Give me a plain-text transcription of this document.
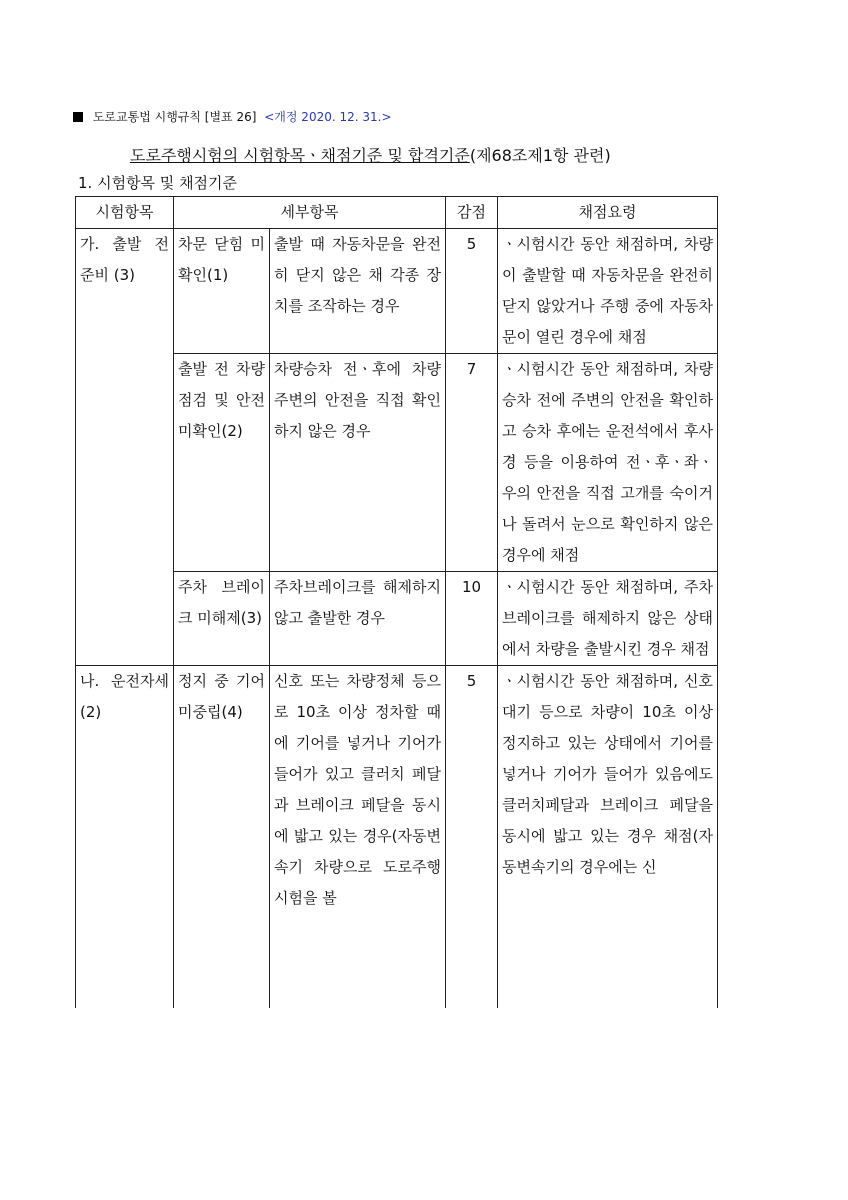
도로교통법 시행규칙 [별표 26] <개정 2020. 12. 31.>
도로주행시험의 시험항목ㆍ채점기준 및 합격기준(제68조제1항 관련)
1. 시험항목 및 채점기준
시험항목	세부항목		감점	채점요령
가. 출발 전 준비 (3)	차문 닫힘 미확인(1)	출발 때 자동차문을 완전히 닫지 않은 채 각종 장치를 조작하는 경우	5	ㆍ시험시간 동안 채점하며, 차량이 출발할 때 자동차문을 완전히 닫지 않았거나 주행 중에 자동차문이 열린 경우에 채점
	출발 전 차량점검 및 안전 미확인(2)	차량승차 전ㆍ후에 차량주변의 안전을 직접 확인하지 않은 경우	7	ㆍ시험시간 동안 채점하며, 차량 승차 전에 주변의 안전을 확인하고 승차 후에는 운전석에서 후사경 등을 이용하여 전ㆍ후ㆍ좌ㆍ우의 안전을 직접 고개를 숙이거나 돌려서 눈으로 확인하지 않은 경우에 채점
	주차 브레이크 미해제(3)	주차브레이크를 해제하지 않고 출발한 경우	10	ㆍ시험시간 동안 채점하며, 주차 브레이크를 해제하지 않은 상태에서 차량을 출발시킨 경우 채점
나. 운전자세(2)	정지 중 기어 미중립(4)	신호 또는 차량정체 등으로 10초 이상 정차할 때에 기어를 넣거나 기어가 들어가 있고 클러치 페달과 브레이크 페달을 동시에 밟고 있는 경우(자동변속기 차량으로 도로주행시험을 볼	5	ㆍ시험시간 동안 채점하며, 신호대기 등으로 차량이 10초 이상 정지하고 있는 상태에서 기어를 넣거나 기어가 들어가 있음에도 클러치페달과 브레이크 페달을 동시에 밟고 있는 경우 채점(자동변속기의 경우에는 신
